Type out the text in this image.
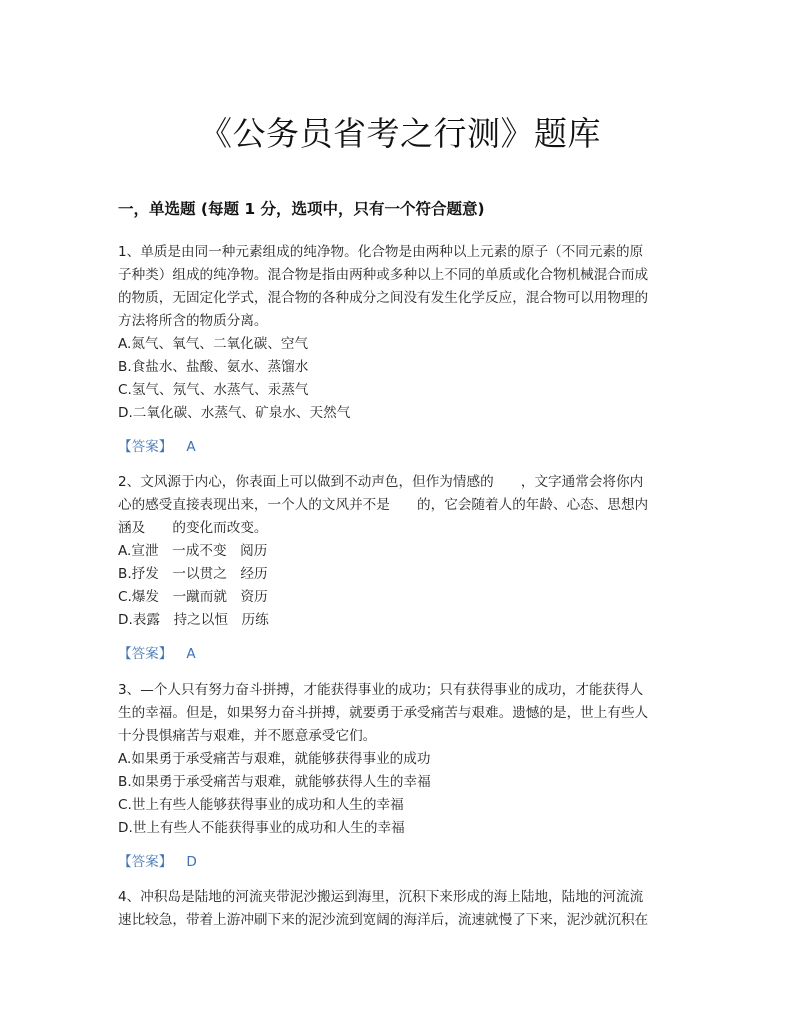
《公务员省考之行测》题库
一，单选题 (每题 1 分，选项中，只有一个符合题意)

1、单质是由同一种元素组成的纯净物。化合物是由两种以上元素的原子（不同元素的原

子种类）组成的纯净物。混合物是指由两种或多种以上不同的单质或化合物机械混合而成

的物质，无固定化学式，混合物的各种成分之间没有发生化学反应，混合物可以用物理的

方法将所含的物质分离。

A.氮气、氧气、二氧化碳、空气

B.食盐水、盐酸、氨水、蒸馏水

C.氢气、氖气、水蒸气、汞蒸气

D.二氧化碳、水蒸气、矿泉水、天然气

【答案】 A

2、文风源于内心，你表面上可以做到不动声色，但作为情感的　　，文字通常会将你内

心的感受直接表现出来，一个人的文风并不是　　的，它会随着人的年龄、心态、思想内

涵及　　的变化而改变。

A.宣泄　一成不变　阅历

B.抒发　一以贯之　经历

C.爆发　一蹴而就　资历

D.表露　持之以恒　历练

【答案】 A

3、—个人只有努力奋斗拼搏，才能获得事业的成功；只有获得事业的成功，才能获得人

生的幸福。但是，如果努力奋斗拼搏，就要勇于承受痛苦与艰难。遗憾的是，世上有些人

十分畏惧痛苦与艰难，并不愿意承受它们。

A.如果勇于承受痛苦与艰难，就能够获得事业的成功

B.如果勇于承受痛苦与艰难，就能够获得人生的幸福

C.世上有些人能够获得事业的成功和人生的幸福

D.世上有些人不能获得事业的成功和人生的幸福

【答案】 D

4、冲积岛是陆地的河流夹带泥沙搬运到海里，沉积下来形成的海上陆地，陆地的河流流

速比较急，带着上游冲刷下来的泥沙流到宽阔的海洋后，流速就慢了下来，泥沙就沉积在
